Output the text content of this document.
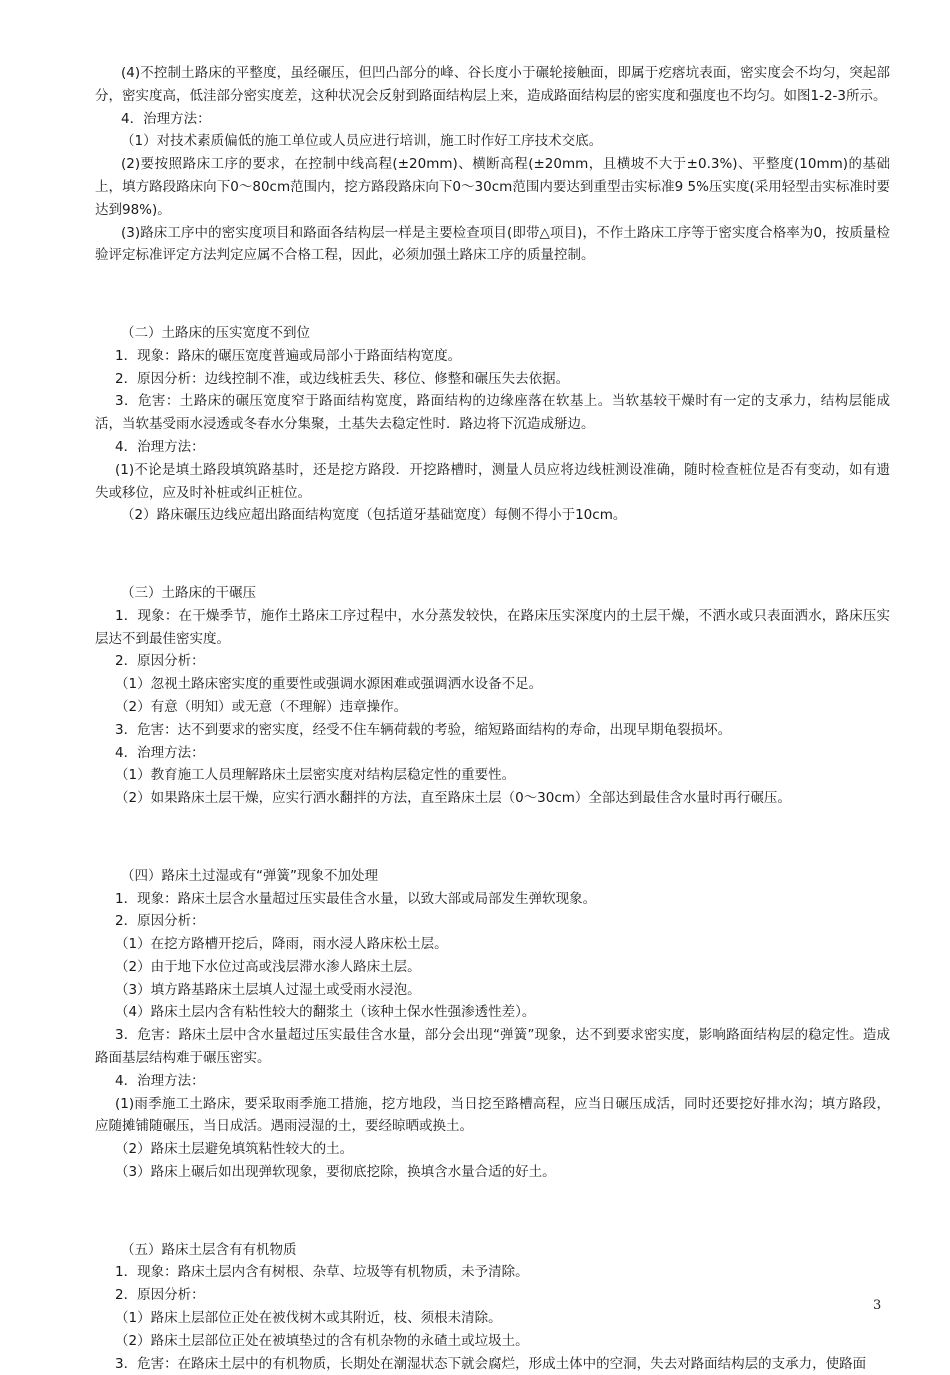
(4)不控制土路床的平整度，虽经碾压，但凹凸部分的峰、谷长度小于碾轮接触面，即属于疙瘩坑表面，密实度会不均匀，突起部分，密实度高，低洼部分密实度差，这种状况会反射到路面结构层上来，造成路面结构层的密实度和强度也不均匀。如图1-2-3所示。

4．治理方法：

（1）对技术素质偏低的施工单位或人员应进行培训，施工时作好工序技术交底。

(2)要按照路床工序的要求，在控制中线高程(±20mm)、横断高程(±20mm，且横坡不大于±0.3%)、平整度(10mm)的基础上，填方路段路床向下0～80cm范围内，挖方路段路床向下0～30cm范围内要达到重型击实标准9 5%压实度(采用轻型击实标准时要达到98%)。

(3)路床工序中的密实度项目和路面各结构层一样是主要检查项目(即带△项目)，不作土路床工序等于密实度合格率为0，按质量检验评定标准评定方法判定应属不合格工程，因此，必须加强土路床工序的质量控制。

（二）土路床的压实宽度不到位

1．现象：路床的碾压宽度普遍或局部小于路面结构宽度。

2．原因分析：边线控制不准，或边线桩丢失、移位、修整和碾压失去依据。

3．危害：土路床的碾压宽度窄于路面结构宽度，路面结构的边缘座落在软基上。当软基较干燥时有一定的支承力，结构层能成活，当软基受雨水浸透或冬春水分集聚，土基失去稳定性时．路边将下沉造成掰边。

4．治理方法：

(1)不论是填土路段填筑路基时，还是挖方路段．开挖路槽时，测量人员应将边线桩测设准确，随时检查桩位是否有变动，如有遗失或移位，应及时补桩或纠正桩位。

（2）路床碾压边线应超出路面结构宽度（包括道牙基础宽度）每侧不得小于10cm。

（三）土路床的干碾压

1．现象：在干燥季节，施作土路床工序过程中，水分蒸发较快，在路床压实深度内的土层干燥，不洒水或只表面洒水，路床压实层达不到最佳密实度。

2．原因分析：

（1）忽视土路床密实度的重要性或强调水源困难或强调洒水设备不足。

（2）有意（明知）或无意（不理解）违章操作。

3．危害：达不到要求的密实度，经受不住车辆荷载的考验，缩短路面结构的寿命，出现早期龟裂损坏。

4．治理方法：

（1）教育施工人员理解路床土层密实度对结构层稳定性的重要性。

（2）如果路床土层干燥，应实行洒水翻拌的方法，直至路床土层（0～30cm）全部达到最佳含水量时再行碾压。

（四）路床土过湿或有“弹簧”现象不加处理

1．现象：路床土层含水量超过压实最佳含水量，以致大部或局部发生弹软现象。

2．原因分析：

（1）在挖方路槽开挖后，降雨，雨水浸人路床松土层。

（2）由于地下水位过高或浅层滞水渗人路床土层。

（3）填方路基路床土层填人过湿土或受雨水浸泡。

（4）路床土层内含有粘性较大的翻浆土（该种土保水性强渗透性差）。

3．危害：路床土层中含水量超过压实最佳含水量，部分会出现“弹簧”现象，达不到要求密实度，影响路面结构层的稳定性。造成路面基层结构难于碾压密实。

4．治理方法：

(1)雨季施工土路床，要采取雨季施工措施，挖方地段，当日挖至路槽高程，应当日碾压成活，同时还要挖好排水沟；填方路段，应随摊铺随碾压，当日成活。遇雨浸湿的土，要经晾晒或换土。

（2）路床土层避免填筑粘性较大的土。

（3）路床上碾后如出现弹软现象，要彻底挖除，换填含水量合适的好土。

（五）路床土层含有有机物质

1．现象：路床土层内含有树根、杂草、垃圾等有机物质，未予清除。

2．原因分析：

（1）路床上层部位正处在被伐树木或其附近，枝、须根未清除。

（2）路床土层部位正处在被填垫过的含有机杂物的永碴土或垃圾土。

3．危害：在路床土层中的有机物质，长期处在潮湿状态下就会腐烂，形成土体中的空洞，失去对路面结构层的支承力，使路面

3
